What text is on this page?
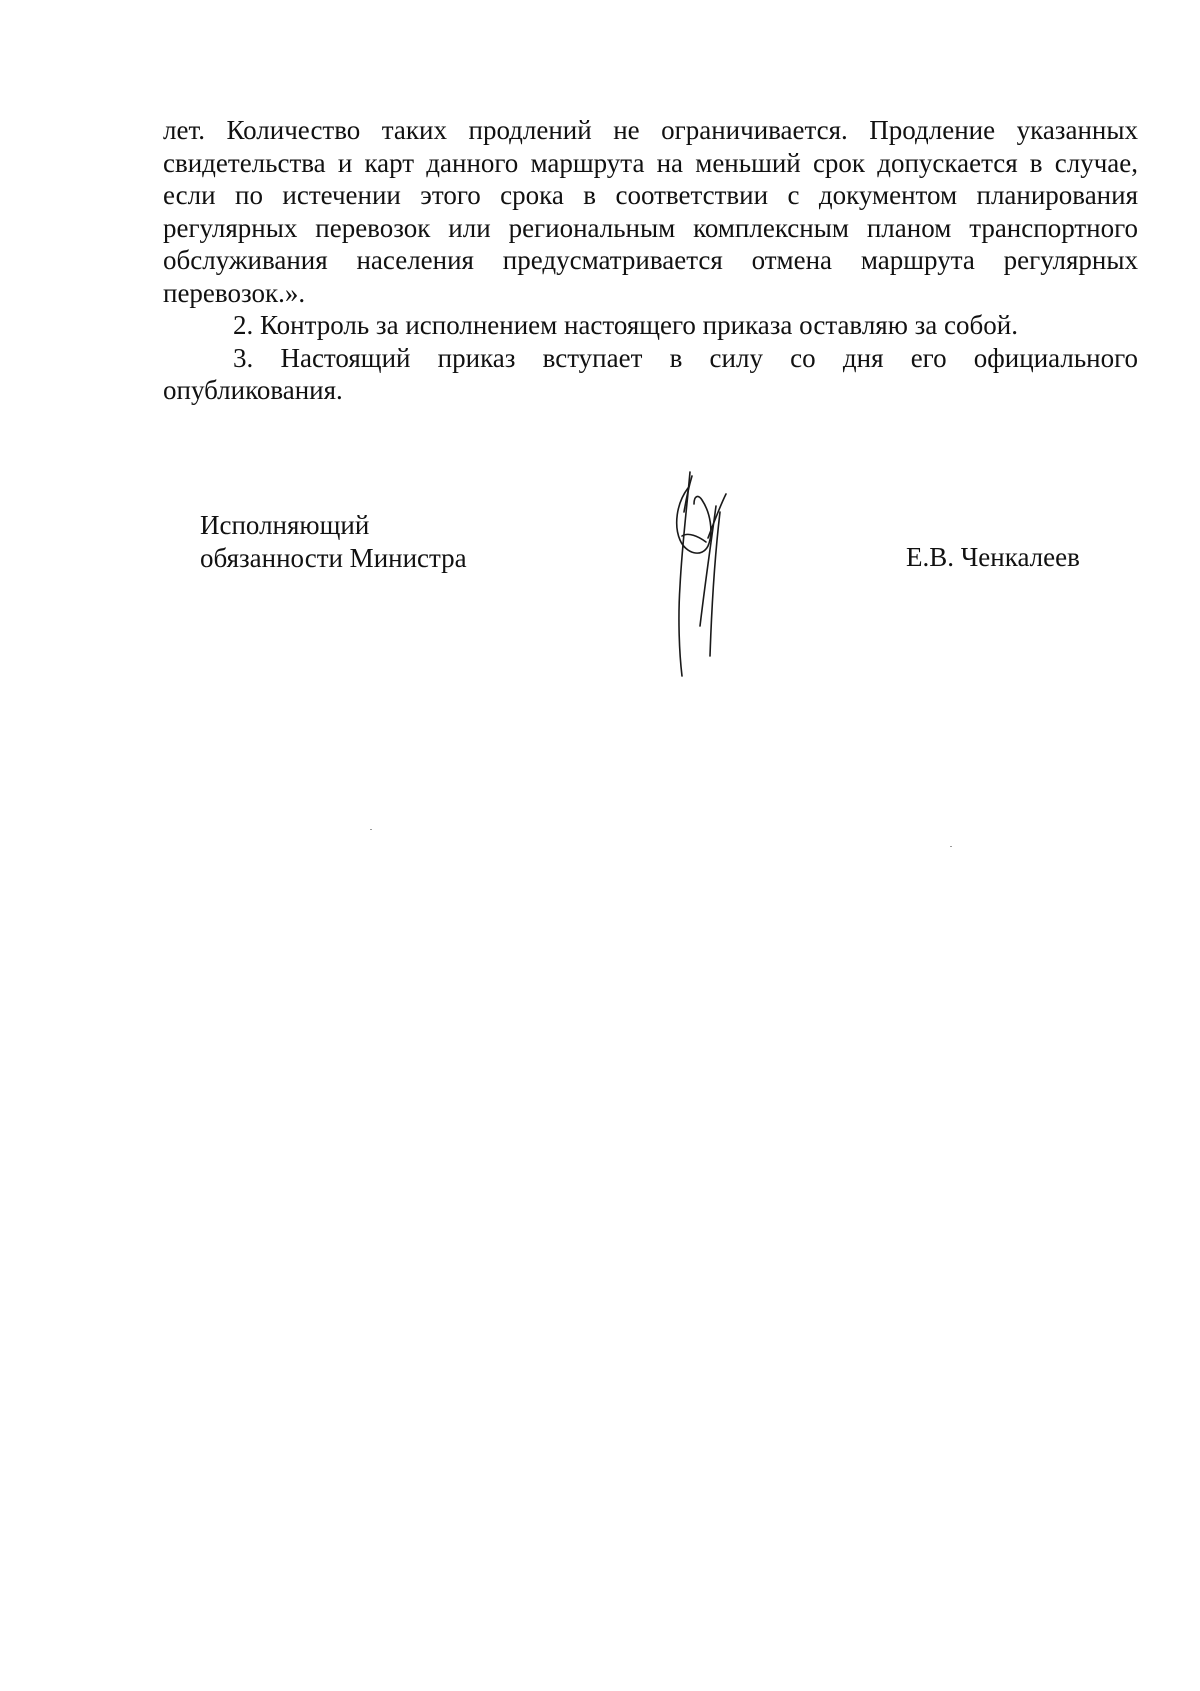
лет. Количество таких продлений не ограничивается. Продление указанных свидетельства и карт данного маршрута на меньший срок допускается в случае, если по истечении этого срока в соответствии с документом планирования регулярных перевозок или региональным комплексным планом транспортного обслуживания населения предусматривается отмена маршрута регулярных перевозок.».

2. Контроль за исполнением настоящего приказа оставляю за собой.

3. Настоящий приказ вступает в силу со дня его официального опубликования.

Исполняющий
обязанности Министра	Е.В. Ченкалеев
